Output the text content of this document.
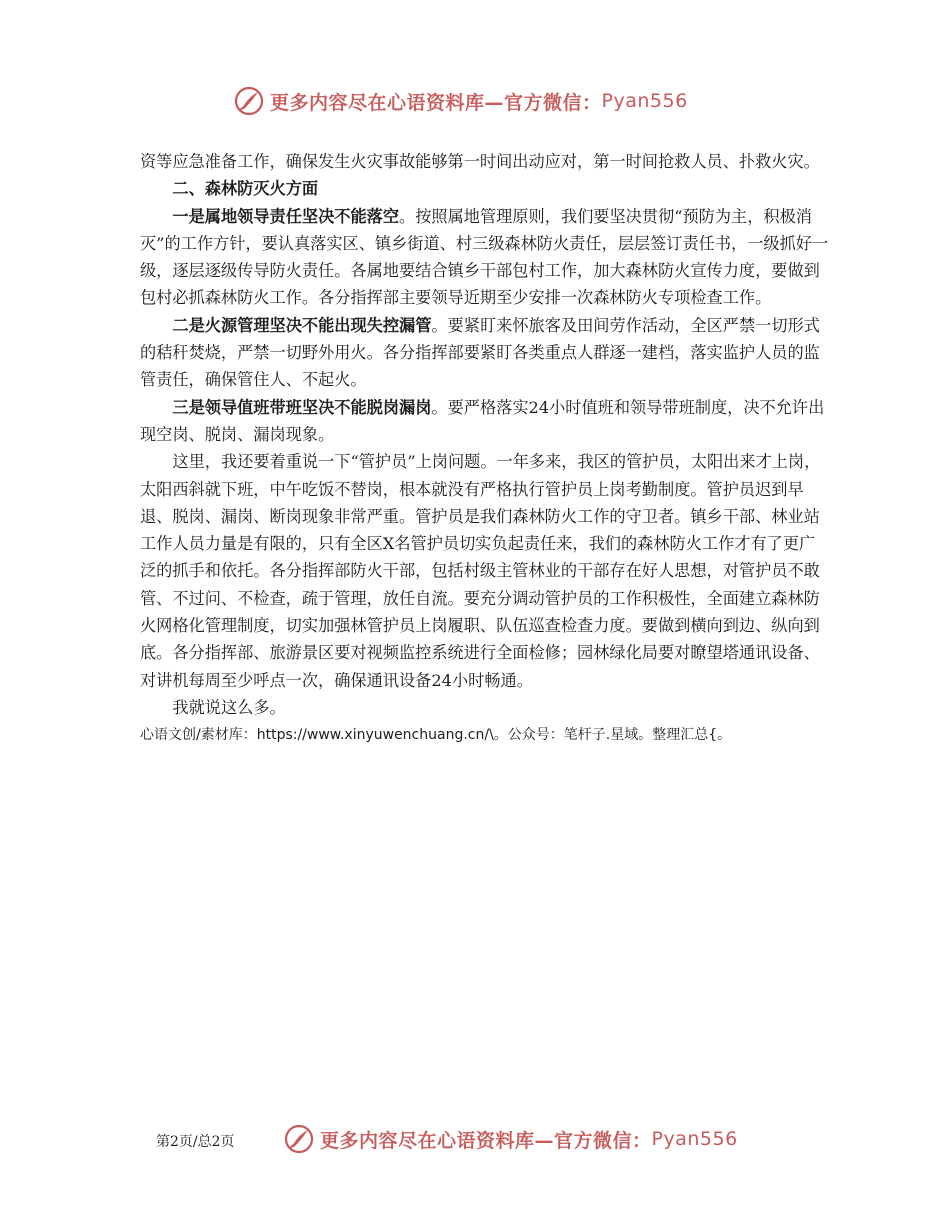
更多内容尽在心语资料库—官方微信： Pyan556

资等应急准备工作，确保发生火灾事故能够第一时间出动应对，第一时间抢救人员、扑救火灾。

二、森林防灭火方面

一是属地领导责任坚决不能落空。按照属地管理原则，我们要坚决贯彻“预防为主，积极消灭”的工作方针，要认真落实区、镇乡街道、村三级森林防火责任，层层签订责任书，一级抓好一级，逐层逐级传导防火责任。各属地要结合镇乡干部包村工作，加大森林防火宣传力度，要做到包村必抓森林防火工作。各分指挥部主要领导近期至少安排一次森林防火专项检查工作。

二是火源管理坚决不能出现失控漏管。要紧盯来怀旅客及田间劳作活动，全区严禁一切形式的秸秆焚烧，严禁一切野外用火。各分指挥部要紧盯各类重点人群逐一建档，落实监护人员的监管责任，确保管住人、不起火。

三是领导值班带班坚决不能脱岗漏岗。要严格落实24小时值班和领导带班制度，决不允许出现空岗、脱岗、漏岗现象。

这里，我还要着重说一下“管护员”上岗问题。一年多来，我区的管护员，太阳出来才上岗，太阳西斜就下班，中午吃饭不替岗，根本就没有严格执行管护员上岗考勤制度。管护员迟到早退、脱岗、漏岗、断岗现象非常严重。管护员是我们森林防火工作的守卫者。镇乡干部、林业站工作人员力量是有限的，只有全区X名管护员切实负起责任来，我们的森林防火工作才有了更广泛的抓手和依托。各分指挥部防火干部，包括村级主管林业的干部存在好人思想，对管护员不敢管、不过问、不检查，疏于管理，放任自流。要充分调动管护员的工作积极性，全面建立森林防火网格化管理制度，切实加强林管护员上岗履职、队伍巡查检查力度。要做到横向到边、纵向到底。各分指挥部、旅游景区要对视频监控系统进行全面检修；园林绿化局要对瞭望塔通讯设备、对讲机每周至少呼点一次，确保通讯设备24小时畅通。

我就说这么多。

心语文创/素材库：https://www.xinyuwenchuang.cn/\。公众号：笔杆子.星域。整理汇总{。

更多内容尽在心语资料库—官方微信： Pyan556
第2页/总2页
